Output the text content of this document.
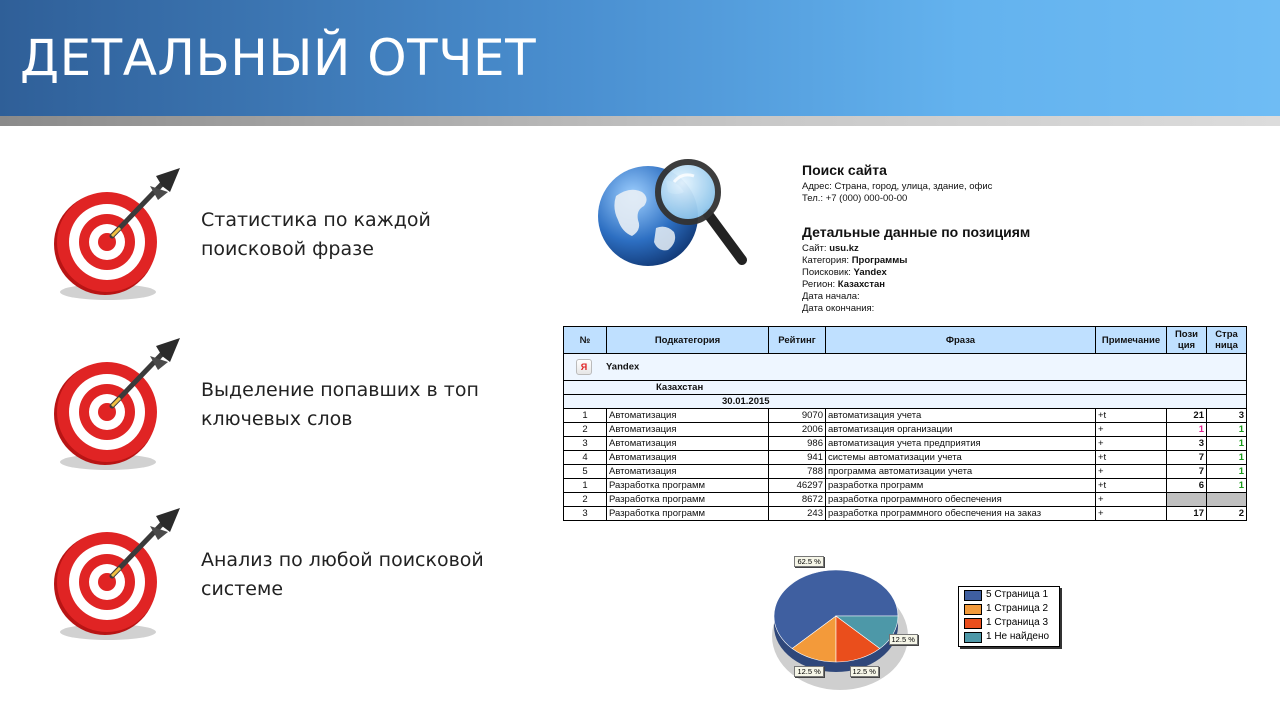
ДЕТАЛЬНЫЙ ОТЧЕТ
Статистика по каждой
поисковой фразе
Выделение попавших в топ
ключевых слов
Анализ по любой поисковой
системе
Поиск сайта
Адрес: Страна, город, улица, здание, офис
Тел.: +7 (000) 000-00-00
Детальные данные по позициям
Сайт: usu.kz
Категория: Программы
Поисковик: Yandex
Регион: Казахстан
Дата начала:
Дата окончания:
№	Подкатегория	Рейтинг	Фраза	Примечание	Пози ция	Стра ница
Я Yandex						
Казахстан						
30.01.2015						
1	Автоматизация	9070	автоматизация учета	+t	21	3
2	Автоматизация	2006	автоматизация организации	+	1	1
3	Автоматизация	986	автоматизация учета предприятия	+	3	1
4	Автоматизация	941	системы автоматизации учета	+t	7	1
5	Автоматизация	788	программа автоматизации учета	+	7	1
1	Разработка программ	46297	разработка программ	+t	6	1
2	Разработка программ	8672	разработка программного обеспечения	+		
3	Разработка программ	243	разработка программного обеспечения на заказ	+	17	2
62.5 %
12.5 %	12.5 %
12.5 %
5 Страница 1
1 Страница 2
1 Страница 3
1 Не найдено
